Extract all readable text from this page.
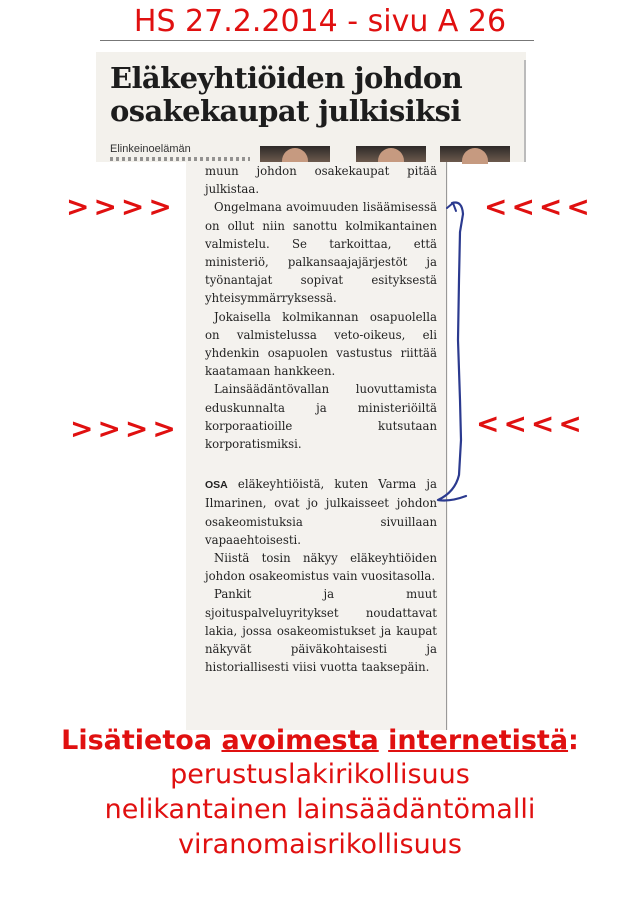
HS 27.2.2014 - sivu A 26
Eläkeyhtiöiden johdon
osakekaupat julkisiksi
Elinkeinoelämän

muun johdon osakekaupat pitää julkistaa.

Ongelmana avoimuuden lisäämisessä on ollut niin sanottu kolmikantainen valmistelu. Se tarkoittaa, että ministeriö, palkansaajajärjestöt ja työnantajat sopivat esityksestä yhteisymmärryksessä.

Jokaisella kolmikannan osapuolella on valmistelussa veto-oikeus, eli yhdenkin osapuolen vastustus riittää kaatamaan hankkeen.

Lainsäädäntövallan luovuttamista eduskunnalta ja ministeriöiltä korporaatioille kutsutaan korporatismiksi.

OSA eläkeyhtiöistä, kuten Varma ja Ilmarinen, ovat jo julkaisseet johdon osakeomistuksia sivuillaan vapaaehtoisesti.

Niistä tosin näkyy eläkeyhtiöiden johdon osakeomistus vain vuositasolla.

Pankit ja muut sjoituspalveluyritykset noudattavat lakia, jossa osakeomistukset ja kaupat näkyvät päiväkohtaisesti ja historiallisesti viisi vuotta taaksepäin.

>>>>	<<<<
>>>>	<<<<
Lisätietoa avoimesta internetistä:
perustuslakirikollisuus
nelikantainen lainsäädäntömalli
viranomaisrikollisuus
